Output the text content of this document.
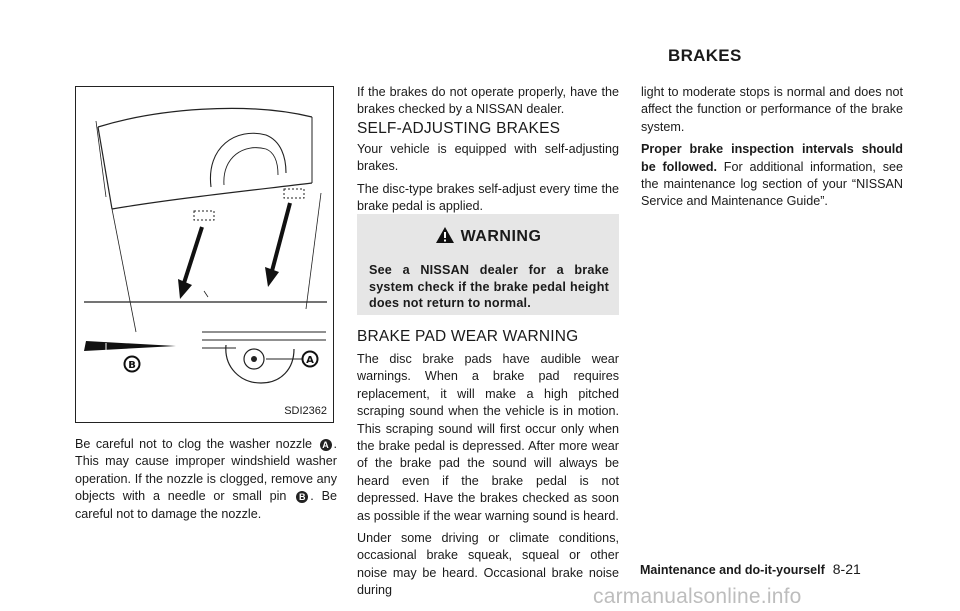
BRAKES
B	A
SDI2362

Be careful not to clog the washer nozzle A . This may cause improper windshield washer operation. If the nozzle is clogged, remove any objects with a needle or small pin B . Be careful not to damage the nozzle.

If the brakes do not operate properly, have the brakes checked by a NISSAN dealer.

SELF-ADJUSTING BRAKES

Your vehicle is equipped with self-adjusting brakes.

The disc-type brakes self-adjust every time the brake pedal is applied.

WARNING
See a NISSAN dealer for a brake system check if the brake pedal height does not return to normal.
BRAKE PAD WEAR WARNING

The disc brake pads have audible wear warnings. When a brake pad requires replacement, it will make a high pitched scraping sound when the vehicle is in motion. This scraping sound will first occur only when the brake pedal is depressed. After more wear of the brake pad the sound will always be heard even if the brake pedal is not depressed. Have the brakes checked as soon as possible if the wear warning sound is heard.

Under some driving or climate conditions, occasional brake squeak, squeal or other noise may be heard. Occasional brake noise during

light to moderate stops is normal and does not affect the function or performance of the brake system.

Proper brake inspection intervals should be followed. For additional information, see the maintenance log section of your “NISSAN Service and Maintenance Guide”.

Maintenance and do-it-yourself 8-21
carmanualsonline.info
